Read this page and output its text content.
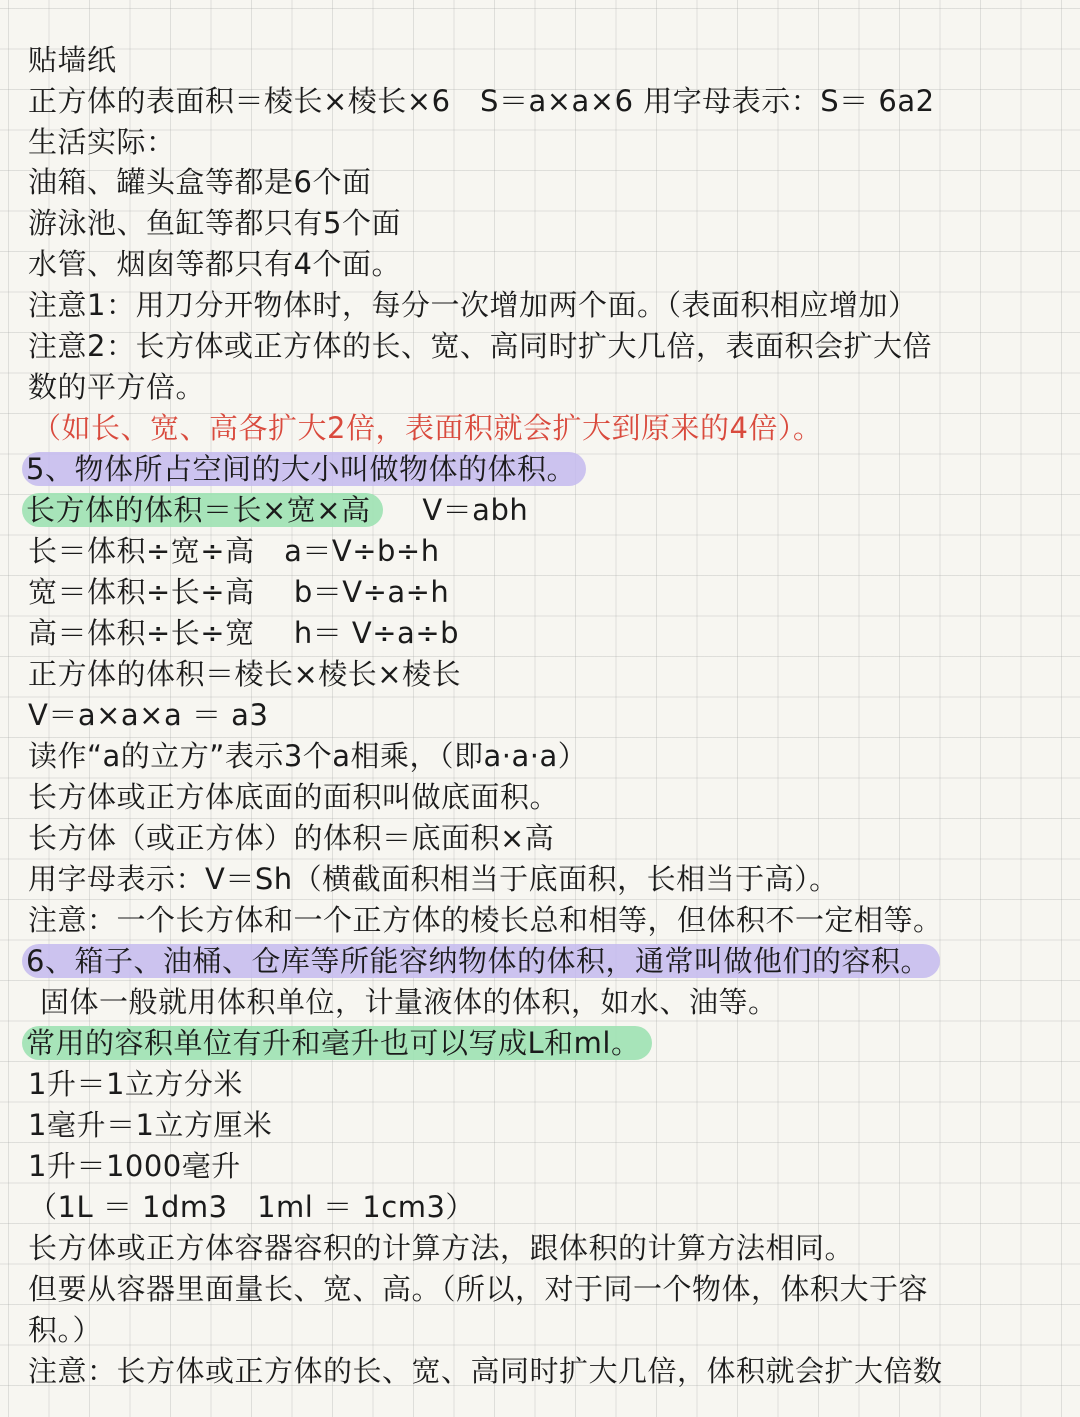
贴墙纸
正方体的表面积＝棱长×棱长×6　S＝a×a×6 用字母表示：S＝ 6a2
生活实际：
油箱、罐头盒等都是6个面
游泳池、鱼缸等都只有5个面
水管、烟囱等都只有4个面。
注意1：用刀分开物体时，每分一次增加两个面。（表面积相应增加）
注意2：长方体或正方体的长、宽、高同时扩大几倍，表面积会扩大倍
数的平方倍。
（如长、宽、高各扩大2倍，表面积就会扩大到原来的4倍）。
5、物体所占空间的大小叫做物体的体积。
长方体的体积＝长×宽×高 V＝abh
长＝体积÷宽÷高　a＝V÷b÷h
宽＝体积÷长÷高　 b＝V÷a÷h
高＝体积÷长÷宽　 h＝ V÷a÷b
正方体的体积＝棱长×棱长×棱长
V＝a×a×a ＝ a3
读作“a的立方”表示3个a相乘，（即a·a·a）
长方体或正方体底面的面积叫做底面积。
长方体（或正方体）的体积＝底面积×高
用字母表示：V＝Sh（横截面积相当于底面积，长相当于高）。
注意：一个长方体和一个正方体的棱长总和相等，但体积不一定相等。
6、箱子、油桶、仓库等所能容纳物体的体积，通常叫做他们的容积。
固体一般就用体积单位，计量液体的体积，如水、油等。
常用的容积单位有升和毫升也可以写成L和ml。
1升＝1立方分米
1毫升＝1立方厘米
1升＝1000毫升
（1L ＝ 1dm3　1ml ＝ 1cm3）
长方体或正方体容器容积的计算方法，跟体积的计算方法相同。
但要从容器里面量长、宽、高。（所以，对于同一个物体，体积大于容
积。）
注意：长方体或正方体的长、宽、高同时扩大几倍，体积就会扩大倍数
